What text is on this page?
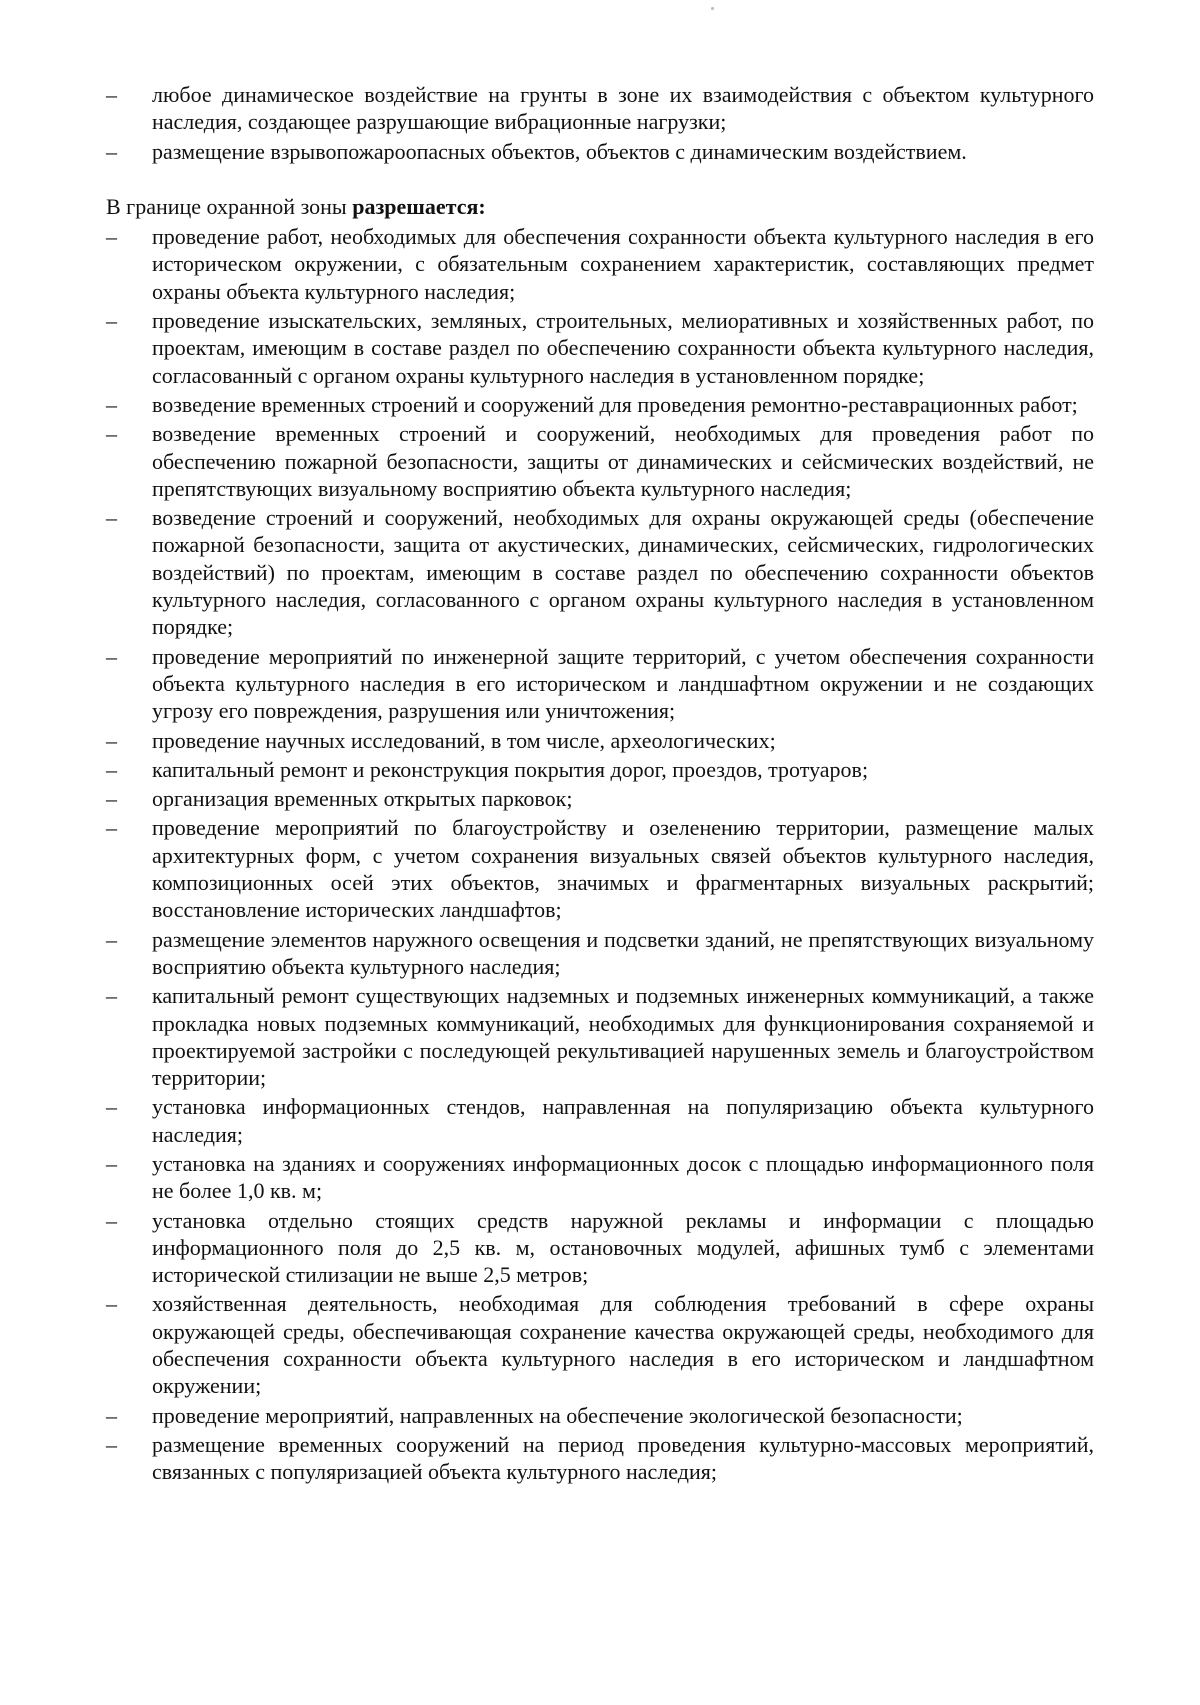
–	любое динамическое воздействие на грунты в зоне их взаимодействия с объектом культурного наследия, создающее разрушающие вибрационные нагрузки;
–	размещение взрывопожароопасных объектов, объектов с динамическим воздействием.

В границе охранной зоны разрешается:

–	проведение работ, необходимых для обеспечения сохранности объекта культурного наследия в его историческом окружении, с обязательным сохранением характеристик, составляющих предмет охраны объекта культурного наследия;
–	проведение изыскательских, земляных, строительных, мелиоративных и хозяйственных работ, по проектам, имеющим в составе раздел по обеспечению сохранности объекта культурного наследия, согласованный с органом охраны культурного наследия в установленном порядке;
–	возведение временных строений и сооружений для проведения ремонтно-реставрационных работ;
–	возведение временных строений и сооружений, необходимых для проведения работ по обеспечению пожарной безопасности, защиты от динамических и сейсмических воздействий, не препятствующих визуальному восприятию объекта культурного наследия;
–	возведение строений и сооружений, необходимых для охраны окружающей среды (обеспечение пожарной безопасности, защита от акустических, динамических, сейсмических, гидрологических воздействий) по проектам, имеющим в составе раздел по обеспечению сохранности объектов культурного наследия, согласованного с органом охраны культурного наследия в установленном порядке;
–	проведение мероприятий по инженерной защите территорий, с учетом обеспечения сохранности объекта культурного наследия в его историческом и ландшафтном окружении и не создающих угрозу его повреждения, разрушения или уничтожения;
–	проведение научных исследований, в том числе, археологических;
–	капитальный ремонт и реконструкция покрытия дорог, проездов, тротуаров;
–	организация временных открытых парковок;
–	проведение мероприятий по благоустройству и озеленению территории, размещение малых архитектурных форм, с учетом сохранения визуальных связей объектов культурного наследия, композиционных осей этих объектов, значимых и фрагментарных визуальных раскрытий; восстановление исторических ландшафтов;
–	размещение элементов наружного освещения и подсветки зданий, не препятствующих визуальному восприятию объекта культурного наследия;
–	капитальный ремонт существующих надземных и подземных инженерных коммуникаций, а также прокладка новых подземных коммуникаций, необходимых для функционирования сохраняемой и проектируемой застройки с последующей рекультивацией нарушенных земель и благоустройством территории;
–	установка информационных стендов, направленная на популяризацию объекта культурного наследия;
–	установка на зданиях и сооружениях информационных досок с площадью информационного поля не более 1,0 кв. м;
–	установка отдельно стоящих средств наружной рекламы и информации с площадью информационного поля до 2,5 кв. м, остановочных модулей, афишных тумб с элементами исторической стилизации не выше 2,5 метров;
–	хозяйственная деятельность, необходимая для соблюдения требований в сфере охраны окружающей среды, обеспечивающая сохранение качества окружающей среды, необходимого для обеспечения сохранности объекта культурного наследия в его историческом и ландшафтном окружении;
–	проведение мероприятий, направленных на обеспечение экологической безопасности;
–	размещение временных сооружений на период проведения культурно-массовых мероприятий, связанных с популяризацией объекта культурного наследия;
